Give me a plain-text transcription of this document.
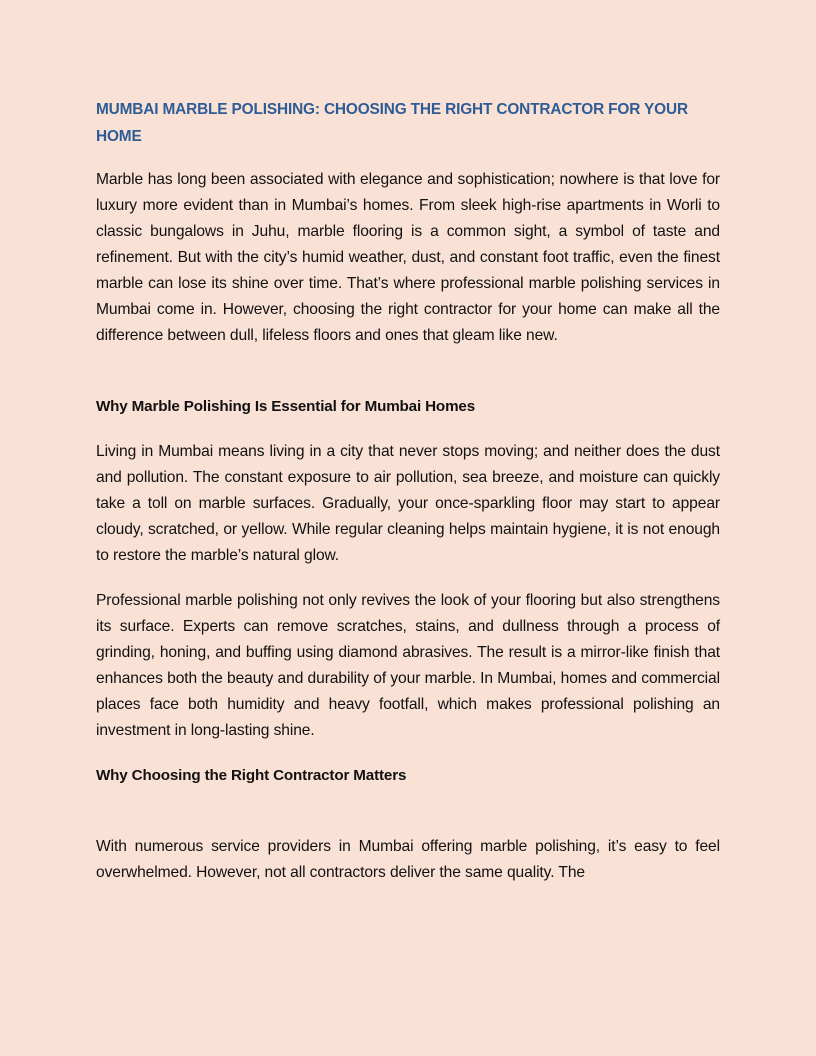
MUMBAI MARBLE POLISHING: CHOOSING THE RIGHT CONTRACTOR FOR YOUR HOME

Marble has long been associated with elegance and sophistication; nowhere is that love for luxury more evident than in Mumbai’s homes. From sleek high-rise apartments in Worli to classic bungalows in Juhu, marble flooring is a common sight, a symbol of taste and refinement. But with the city’s humid weather, dust, and constant foot traffic, even the finest marble can lose its shine over time. That’s where professional marble polishing services in Mumbai come in. However, choosing the right contractor for your home can make all the difference between dull, lifeless floors and ones that gleam like new.

Why Marble Polishing Is Essential for Mumbai Homes

Living in Mumbai means living in a city that never stops moving; and neither does the dust and pollution. The constant exposure to air pollution, sea breeze, and moisture can quickly take a toll on marble surfaces. Gradually, your once-sparkling floor may start to appear cloudy, scratched, or yellow. While regular cleaning helps maintain hygiene, it is not enough to restore the marble’s natural glow.

Professional marble polishing not only revives the look of your flooring but also strengthens its surface. Experts can remove scratches, stains, and dullness through a process of grinding, honing, and buffing using diamond abrasives. The result is a mirror-like finish that enhances both the beauty and durability of your marble. In Mumbai, homes and commercial places face both humidity and heavy footfall, which makes professional polishing an investment in long-lasting shine.

Why Choosing the Right Contractor Matters

With numerous service providers in Mumbai offering marble polishing, it’s easy to feel overwhelmed. However, not all contractors deliver the same quality. The
